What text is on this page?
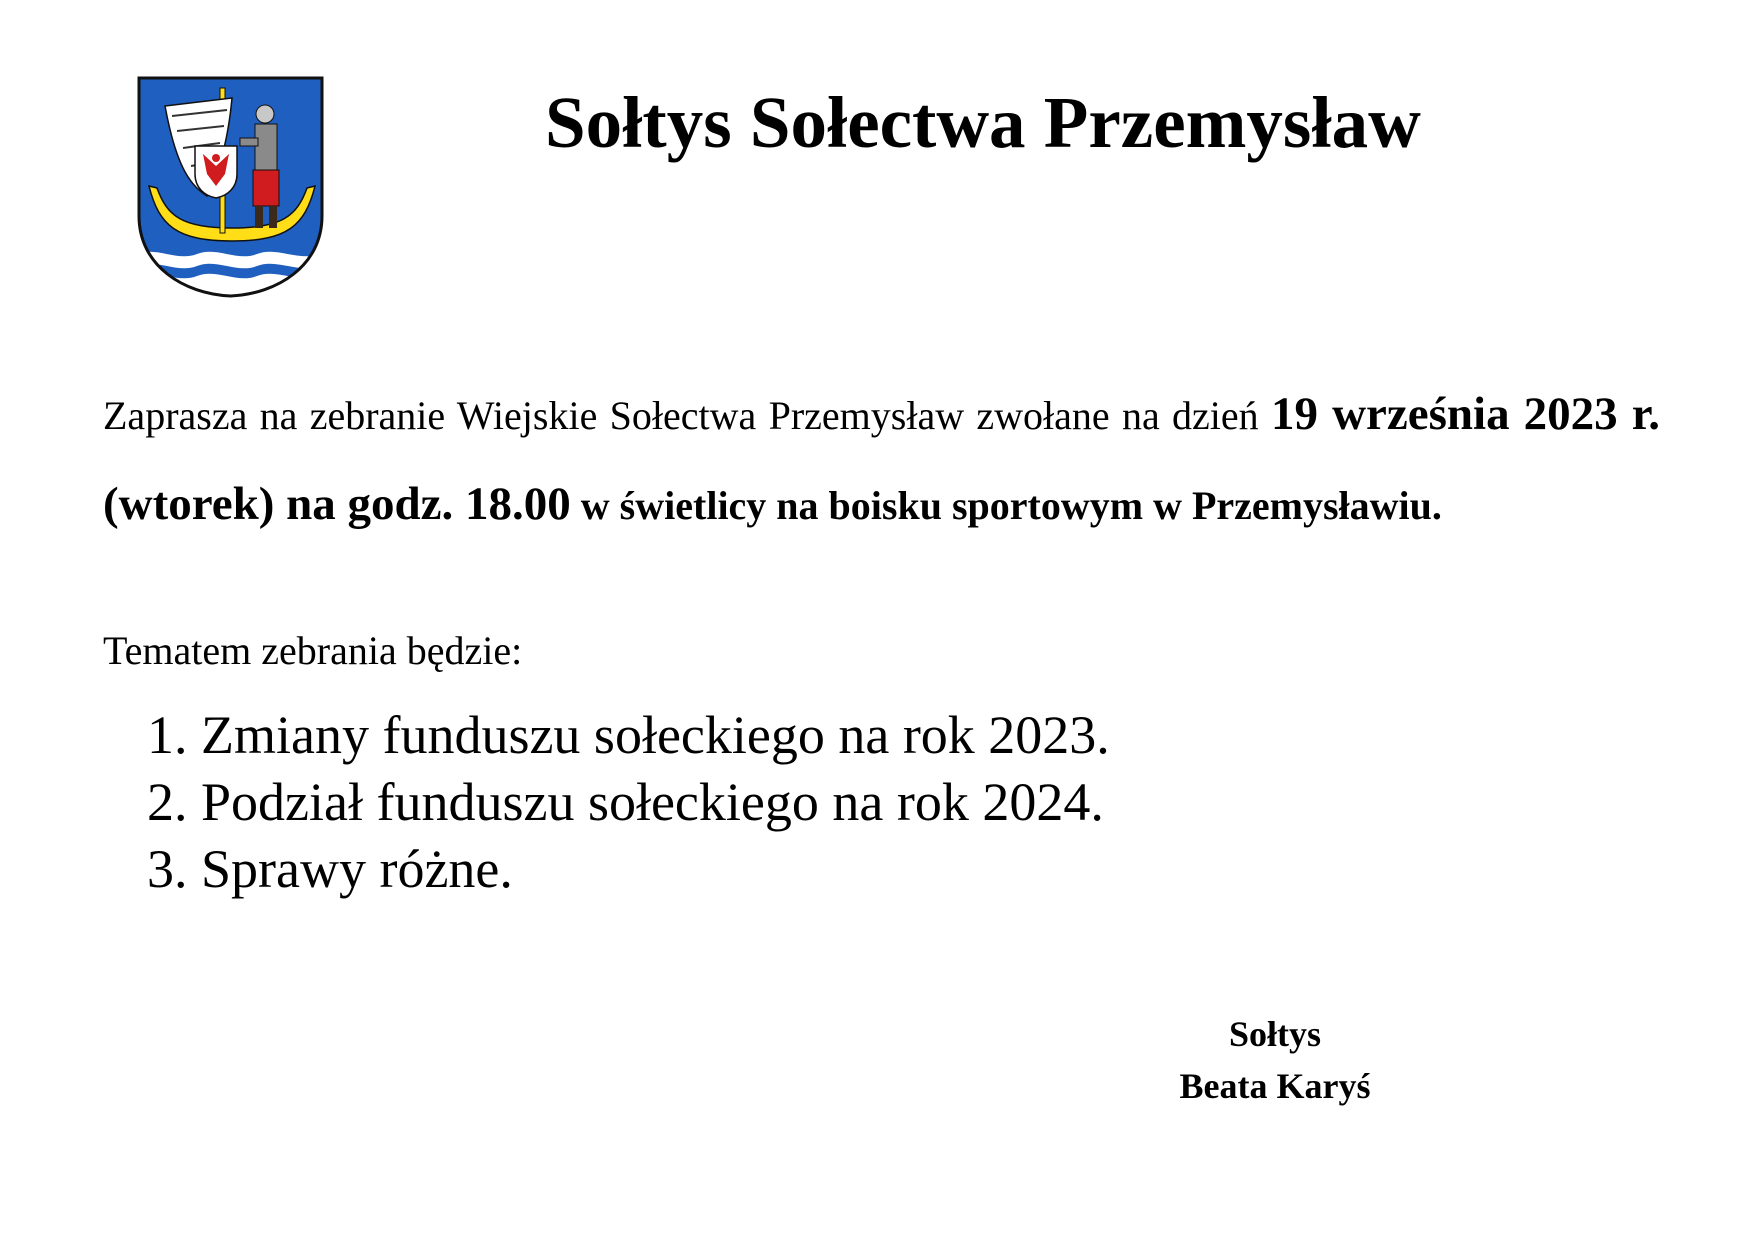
Sołtys Sołectwa Przemysław

Zaprasza na zebranie Wiejskie Sołectwa Przemysław zwołane na dzień 19 września 2023 r. (wtorek) na godz. 18.00 w świetlicy na boisku sportowym w Przemysławiu.

Tematem zebrania będzie:

1. Zmiany funduszu sołeckiego na rok 2023.
2. Podział funduszu sołeckiego na rok 2024.
3. Sprawy różne.
Sołtys
Beata Karyś
